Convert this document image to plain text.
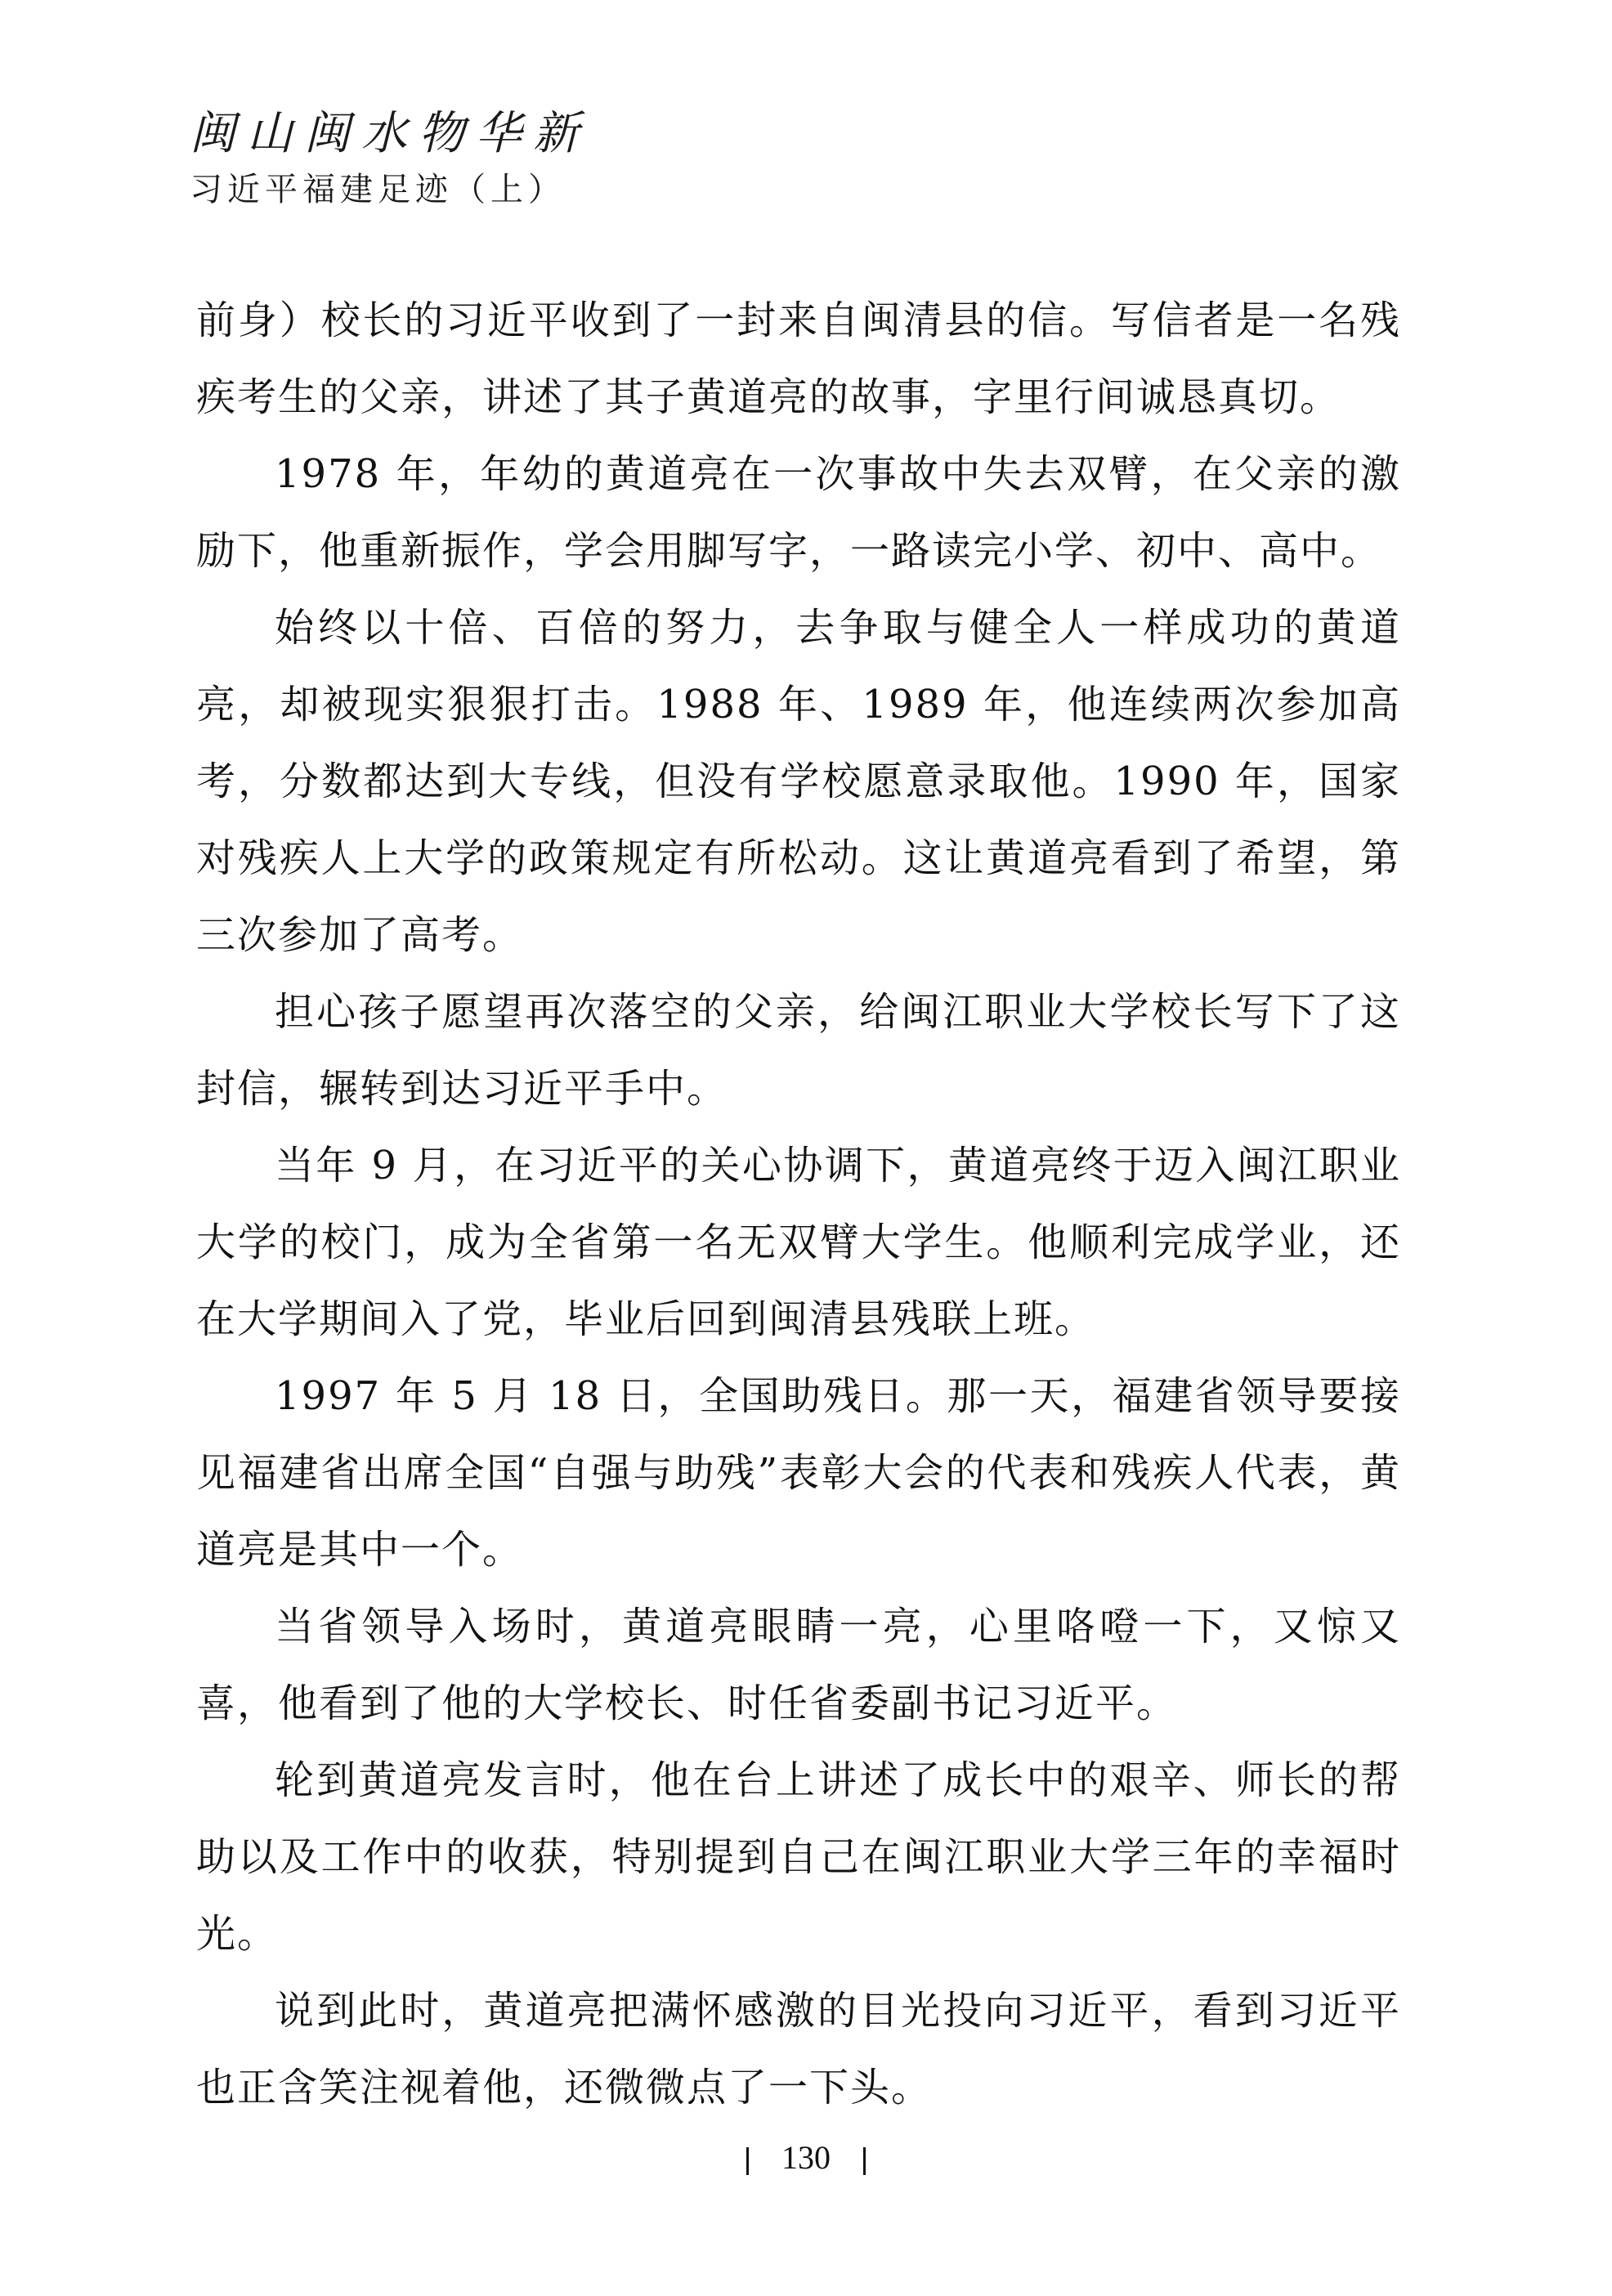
闽山闽水物华新
习近平福建足迹（上）

前身）校长的习近平收到了一封来自闽清县的信。写信者是一名残疾考生的父亲，讲述了其子黄道亮的故事，字里行间诚恳真切。

1978 年，年幼的黄道亮在一次事故中失去双臂，在父亲的激励下，他重新振作，学会用脚写字，一路读完小学、初中、高中。

始终以十倍、百倍的努力，去争取与健全人一样成功的黄道亮，却被现实狠狠打击。1988 年、1989 年，他连续两次参加高考，分数都达到大专线，但没有学校愿意录取他。1990 年，国家对残疾人上大学的政策规定有所松动。这让黄道亮看到了希望，第三次参加了高考。

担心孩子愿望再次落空的父亲，给闽江职业大学校长写下了这封信，辗转到达习近平手中。

当年 9 月，在习近平的关心协调下，黄道亮终于迈入闽江职业大学的校门，成为全省第一名无双臂大学生。他顺利完成学业，还在大学期间入了党，毕业后回到闽清县残联上班。

1997 年 5 月 18 日，全国助残日。那一天，福建省领导要接见福建省出席全国“自强与助残”表彰大会的代表和残疾人代表，黄道亮是其中一个。

当省领导入场时，黄道亮眼睛一亮，心里咯噔一下，又惊又喜，他看到了他的大学校长、时任省委副书记习近平。

轮到黄道亮发言时，他在台上讲述了成长中的艰辛、师长的帮助以及工作中的收获，特别提到自己在闽江职业大学三年的幸福时光。

说到此时，黄道亮把满怀感激的目光投向习近平，看到习近平也正含笑注视着他，还微微点了一下头。

130
